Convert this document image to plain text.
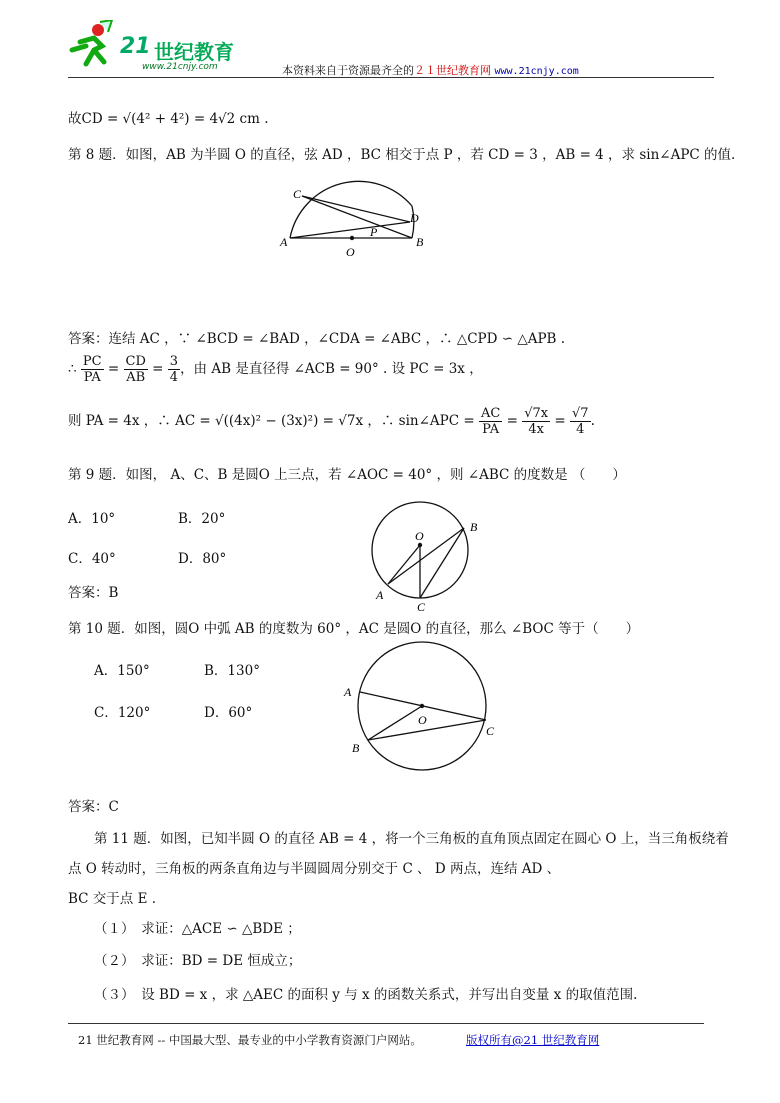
21 世纪教育
www.21cnjy.com	本资料来自于资源最齐全的２１世纪教育网 www.21cnjy.com
故CD = √(4² + 4²) = 4√2 cm .
第 8 题．如图，AB 为半圆 O 的直径，弦 AD ，BC 相交于点 P ，若 CD = 3 ，AB = 4 ，求 sin∠APC 的值.
C
D
P
A	B
O
答案：连结 AC ，∵ ∠BCD = ∠BAD ，∠CDA = ∠ABC ，∴ △CPD ∽ △APB .
∴ $\frac{PC}{PA} = \frac{CD}{AB} = \frac{3}{4}$ ，由 AB 是直径得 ∠ACB = 90° . 设 PC = 3x ，
则 PA = 4x ，∴ AC = √((4x)² − (3x)²) = √7x ，∴ sin∠APC = $\frac{AC}{PA} = \frac{√7x}{4x} = \frac{√7}{4}$ .
第 9 题．如图， A、C、B 是圆O 上三点，若 ∠AOC = 40° ，则 ∠ABC 的度数是 （　　）
A．10°	B．20°
C．40°	D．80°
O
B
A
C
答案：B
第 10 题．如图，圆O 中弧 AB 的度数为 60° ，AC 是圆O 的直径，那么 ∠BOC 等于（　　）
A．150°	B．130°
C．120°	D．60°
A
O
B
C
答案：C
第 11 题．如图，已知半圆 O 的直径 AB = 4 ，将一个三角板的直角顶点固定在圆心 O 上，当三角板绕着
点 O 转动时，三角板的两条直角边与半圆圆周分别交于 C 、 D 两点，连结 AD 、
BC 交于点 E .
（１）　求证：△ACE ∽ △BDE ；
（２）　求证：BD = DE 恒成立；
（３）　设 BD = x ，求 △AEC 的面积 y 与 x 的函数关系式，并写出自变量 x 的取值范围.
21 世纪教育网 -- 中国最大型、最专业的中小学教育资源门户网站。	版权所有@21 世纪教育网
